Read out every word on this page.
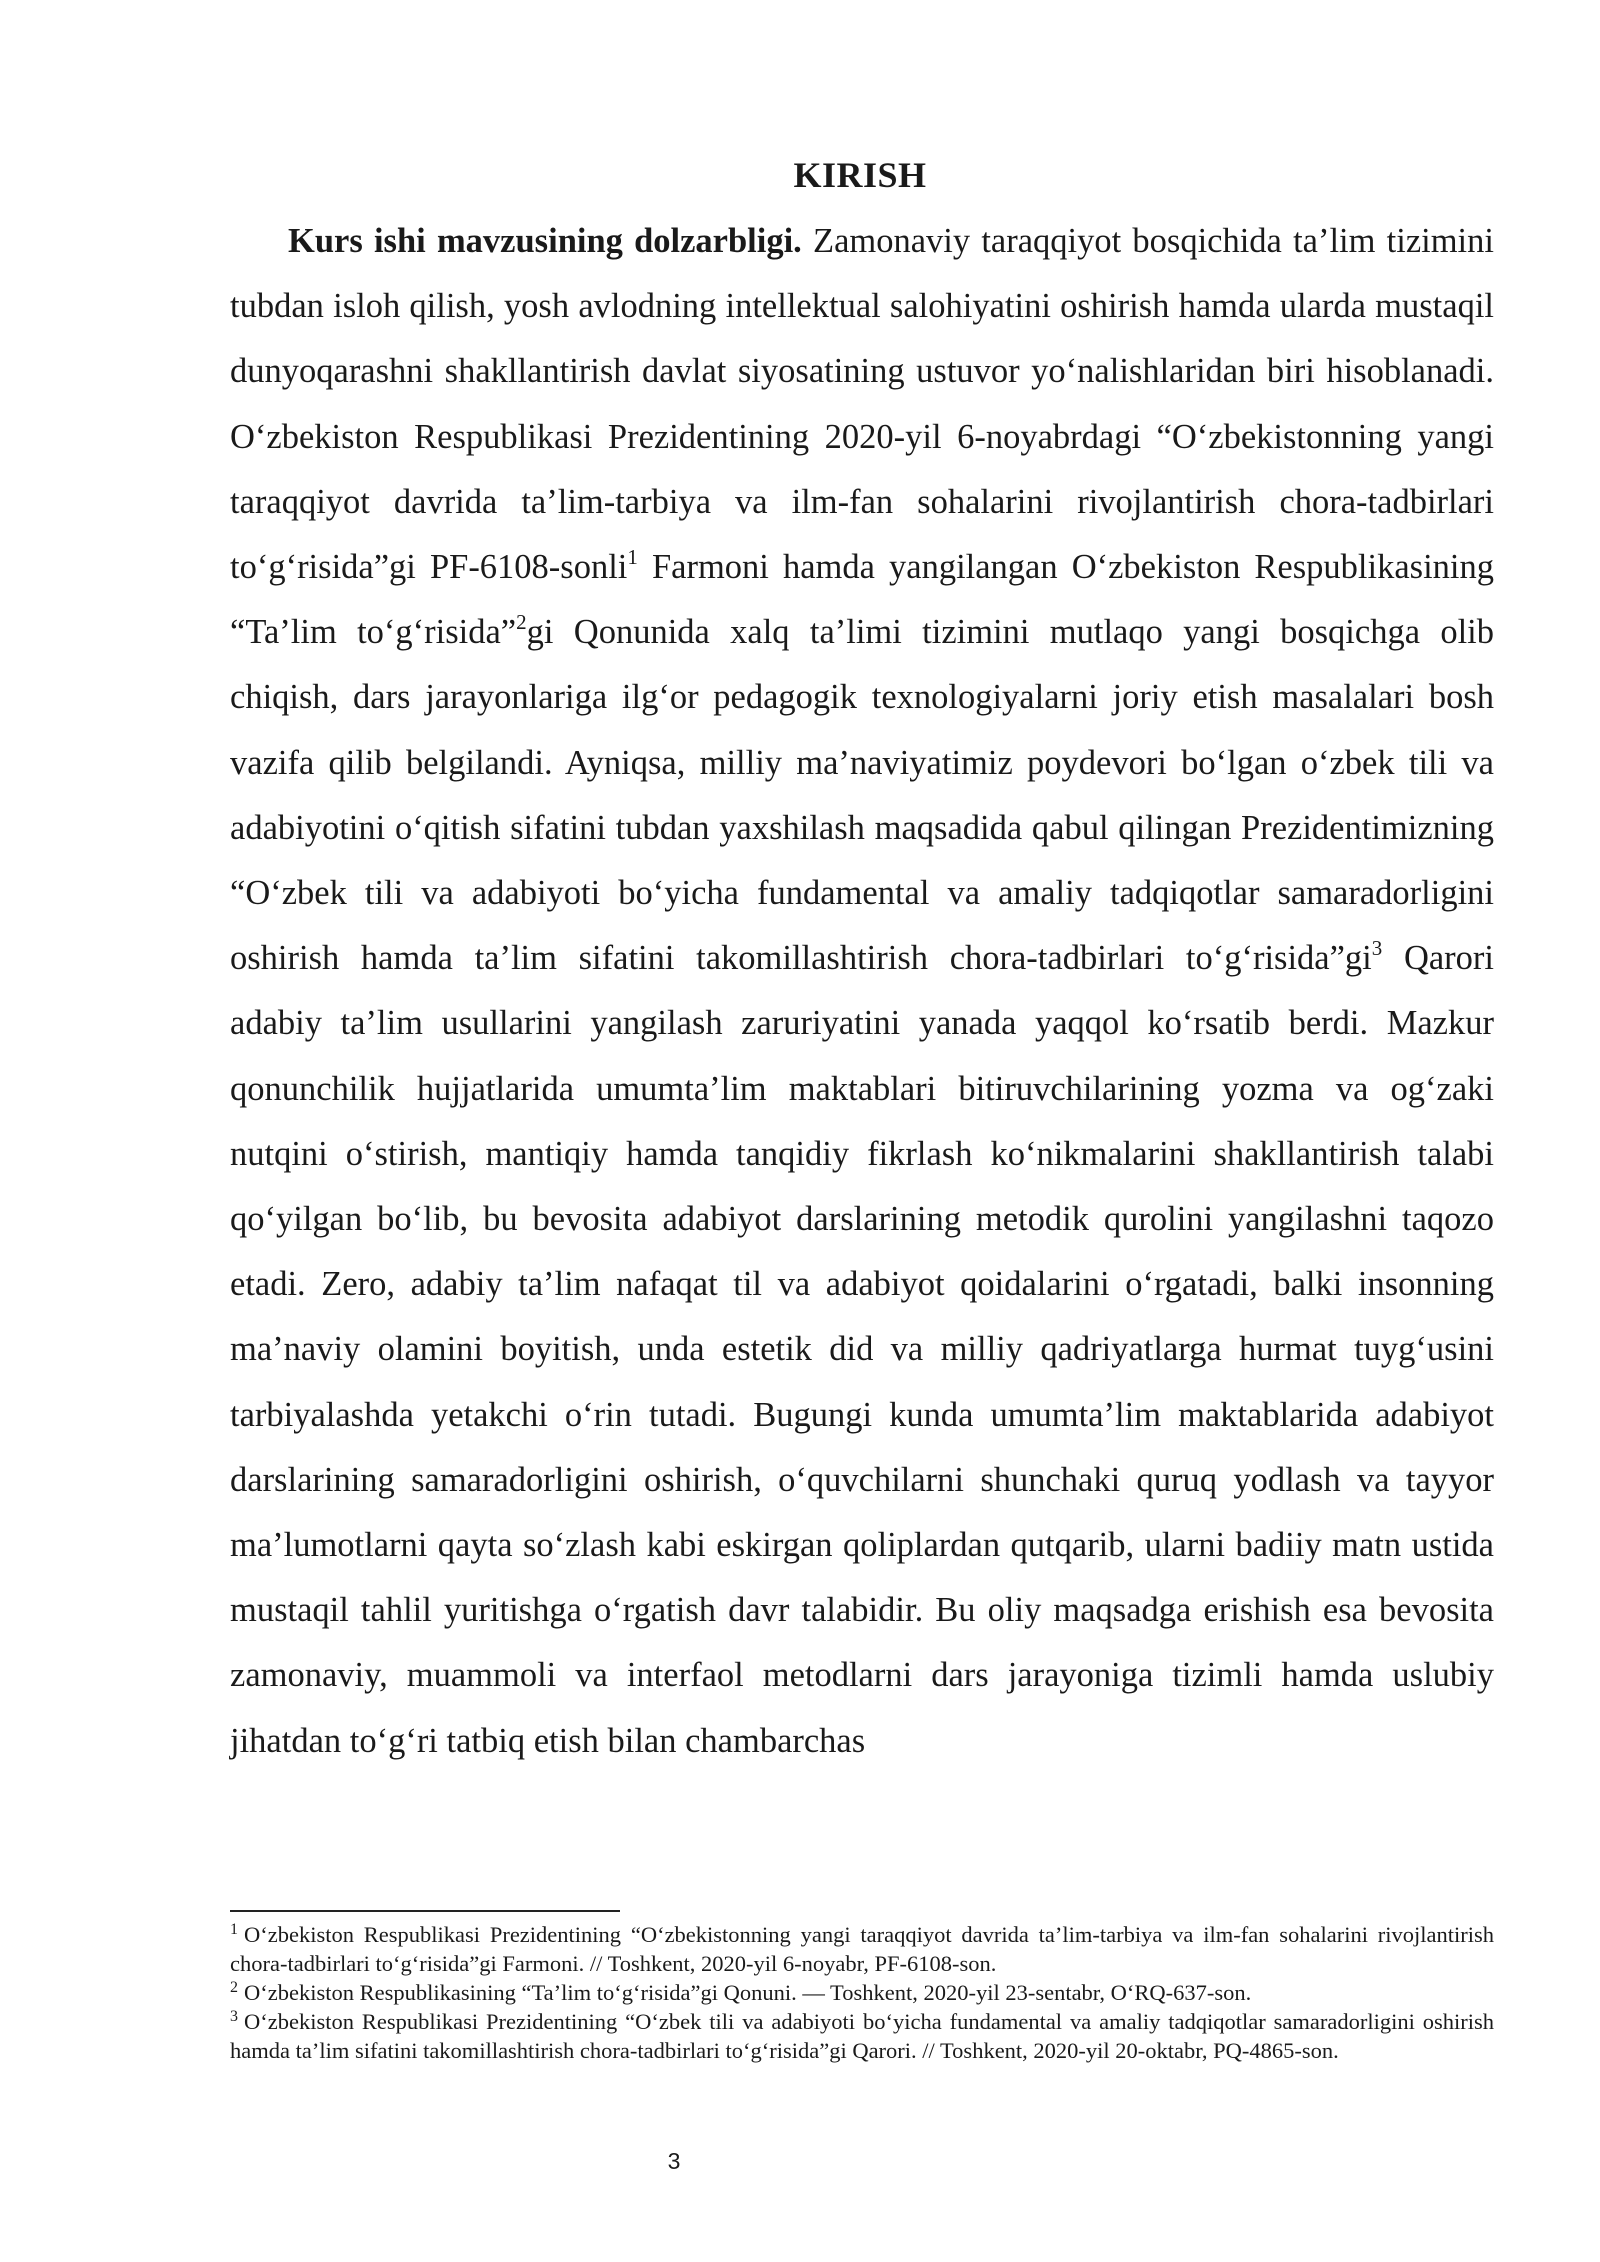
KIRISH

Kurs ishi mavzusining dolzarbligi. Zamonaviy taraqqiyot bosqichida ta’lim tizimini tubdan isloh qilish, yosh avlodning intellektual salohiyatini oshirish hamda ularda mustaqil dunyoqarashni shakllantirish davlat siyosatining ustuvor yo‘nalishlaridan biri hisoblanadi. O‘zbekiston Respublikasi Prezidentining 2020-yil 6-noyabrdagi “O‘zbekistonning yangi taraqqiyot davrida ta’lim-tarbiya va ilm-fan sohalarini rivojlantirish chora-tadbirlari to‘g‘risida”gi PF-6108-sonli$^1$ Farmoni hamda yangilangan O‘zbekiston Respublikasining “Ta’lim to‘g‘risida”$^2$gi Qonunida xalq ta’limi tizimini mutlaqo yangi bosqichga olib chiqish, dars jarayonlariga ilg‘or pedagogik texnologiyalarni joriy etish masalalari bosh vazifa qilib belgilandi. Ayniqsa, milliy ma’naviyatimiz poydevori bo‘lgan o‘zbek tili va adabiyotini o‘qitish sifatini tubdan yaxshilash maqsadida qabul qilingan Prezidentimizning “O‘zbek tili va adabiyoti bo‘yicha fundamental va amaliy tadqiqotlar samaradorligini oshirish hamda ta’lim sifatini takomillashtirish chora-tadbirlari to‘g‘risida”gi$^3$ Qarori adabiy ta’lim usullarini yangilash zaruriyatini yanada yaqqol ko‘rsatib berdi. Mazkur qonunchilik hujjatlarida umumta’lim maktablari bitiruvchilarining yozma va og‘zaki nutqini o‘stirish, mantiqiy hamda tanqidiy fikrlash ko‘nikmalarini shakllantirish talabi qo‘yilgan bo‘lib, bu bevosita adabiyot darslarining metodik qurolini yangilashni taqozo etadi. Zero, adabiy ta’lim nafaqat til va adabiyot qoidalarini o‘rgatadi, balki insonning ma’naviy olamini boyitish, unda estetik did va milliy qadriyatlarga hurmat tuyg‘usini tarbiyalashda yetakchi o‘rin tutadi. Bugungi kunda umumta’lim maktablarida adabiyot darslarining samaradorligini oshirish, o‘quvchilarni shunchaki quruq yodlash va tayyor ma’lumotlarni qayta so‘zlash kabi eskirgan qoliplardan qutqarib, ularni badiiy matn ustida mustaqil tahlil yuritishga o‘rgatish davr talabidir. Bu oliy maqsadga erishish esa bevosita zamonaviy, muammoli va interfaol metodlarni dars jarayoniga tizimli hamda uslubiy jihatdan to‘g‘ri tatbiq etish bilan chambarchas

$^1$ O‘zbekiston Respublikasi Prezidentining “O‘zbekistonning yangi taraqqiyot davrida ta’lim-tarbiya va ilm-fan sohalarini rivojlantirish chora-tadbirlari to‘g‘risida”gi Farmoni. // Toshkent, 2020-yil 6-noyabr, PF-6108-son.

$^2$ O‘zbekiston Respublikasining “Ta’lim to‘g‘risida”gi Qonuni. — Toshkent, 2020-yil 23-sentabr, O‘RQ-637-son.

$^3$ O‘zbekiston Respublikasi Prezidentining “O‘zbek tili va adabiyoti bo‘yicha fundamental va amaliy tadqiqotlar samaradorligini oshirish hamda ta’lim sifatini takomillashtirish chora-tadbirlari to‘g‘risida”gi Qarori. // Toshkent, 2020-yil 20-oktabr, PQ-4865-son.

3
